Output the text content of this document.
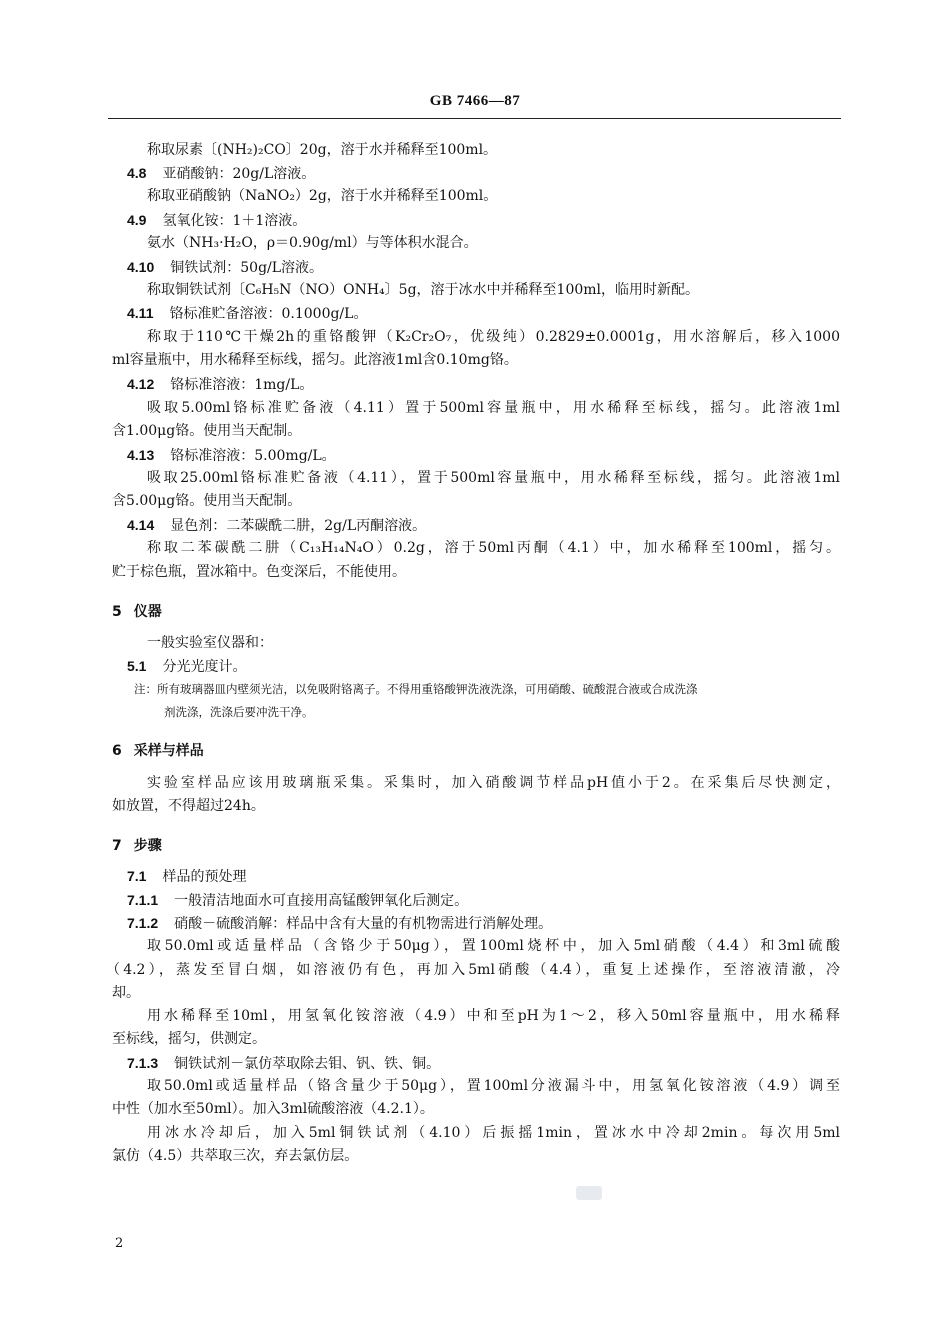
GB 7466—87
称取尿素〔(NH₂)₂CO〕20g，溶于水并稀释至100ml。
4.8 亚硝酸钠：20g/L溶液。
称取亚硝酸钠（NaNO₂）2g，溶于水并稀释至100ml。
4.9 氢氧化铵：1＋1溶液。
氨水（NH₃·H₂O，ρ＝0.90g/ml）与等体积水混合。
4.10 铜铁试剂：50g/L溶液。
称取铜铁试剂〔C₆H₅N（NO）ONH₄〕5g，溶于冰水中并稀释至100ml，临用时新配。
4.11 铬标准贮备溶液：0.1000g/L。
称取于110℃干燥2h的重铬酸钾（K₂Cr₂O₇，优级纯）0.2829±0.0001g，用水溶解后，移入1000
ml容量瓶中，用水稀释至标线，摇匀。此溶液1ml含0.10mg铬。
4.12 铬标准溶液：1mg/L。
吸取5.00ml铬标准贮备液（4.11）置于500ml容量瓶中，用水稀释至标线，摇匀。此溶液1ml
含1.00μg铬。使用当天配制。
4.13 铬标准溶液：5.00mg/L。
吸取25.00ml铬标准贮备液（4.11），置于500ml容量瓶中，用水稀释至标线，摇匀。此溶液1ml
含5.00μg铬。使用当天配制。
4.14 显色剂：二苯碳酰二肼，2g/L丙酮溶液。
称取二苯碳酰二肼（C₁₃H₁₄N₄O）0.2g，溶于50ml丙酮（4.1）中，加水稀释至100ml，摇匀。
贮于棕色瓶，置冰箱中。色变深后，不能使用。
5 仪器
一般实验室仪器和：
5.1 分光光度计。
注：所有玻璃器皿内壁须光洁，以免吸附铬离子。不得用重铬酸钾洗液洗涤，可用硝酸、硫酸混合液或合成洗涤
剂洗涤，洗涤后要冲洗干净。
6 采样与样品
实验室样品应该用玻璃瓶采集。采集时，加入硝酸调节样品pH值小于2。在采集后尽快测定，
如放置，不得超过24h。
7 步骤
7.1 样品的预处理
7.1.1 一般清洁地面水可直接用高锰酸钾氧化后测定。
7.1.2 硝酸－硫酸消解：样品中含有大量的有机物需进行消解处理。
取50.0ml或适量样品（含铬少于50μg），置100ml烧杯中，加入5ml硝酸（4.4）和3ml硫酸
（4.2），蒸发至冒白烟，如溶液仍有色，再加入5ml硝酸（4.4），重复上述操作，至溶液清澈，冷
却。
用水稀释至10ml，用氢氧化铵溶液（4.9）中和至pH为1～2，移入50ml容量瓶中，用水稀释
至标线，摇匀，供测定。
7.1.3 铜铁试剂－氯仿萃取除去钼、钒、铁、铜。
取50.0ml或适量样品（铬含量少于50μg），置100ml分液漏斗中，用氢氧化铵溶液（4.9）调至
中性（加水至50ml）。加入3ml硫酸溶液（4.2.1）。
用冰水冷却后，加入5ml铜铁试剂（4.10）后振摇1min，置冰水中冷却2min。每次用5ml
氯仿（4.5）共萃取三次，弃去氯仿层。
2
